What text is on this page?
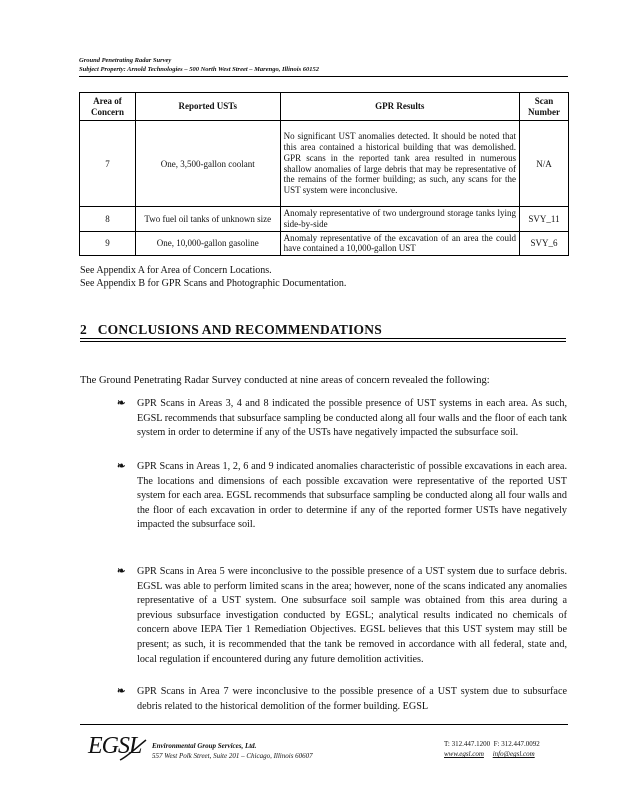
Ground Penetrating Radar Survey
Subject Property: Arnold Technologies – 500 North West Street – Marengo, Illinois 60152
Area of Concern	Reported USTs	GPR Results	Scan Number
7	One, 3,500-gallon coolant	No significant UST anomalies detected. It should be noted that this area contained a historical building that was demolished. GPR scans in the reported tank area resulted in numerous shallow anomalies of large debris that may be representative of the remains of the former building; as such, any scans for the UST system were inconclusive.	N/A
8	Two fuel oil tanks of unknown size	Anomaly representative of two underground storage tanks lying side-by-side	SVY_11
9	One, 10,000-gallon gasoline	Anomaly representative of the excavation of an area the could have contained a 10,000-gallon UST	SVY_6
See Appendix A for Area of Concern Locations.
See Appendix B for GPR Scans and Photographic Documentation.
2 CONCLUSIONS AND RECOMMENDATIONS
The Ground Penetrating Radar Survey conducted at nine areas of concern revealed the following:
❧ GPR Scans in Areas 3, 4 and 8 indicated the possible presence of UST systems in each area. As such, EGSL recommends that subsurface sampling be conducted along all four walls and the floor of each tank system in order to determine if any of the USTs have negatively impacted the subsurface soil.
❧ GPR Scans in Areas 1, 2, 6 and 9 indicated anomalies characteristic of possible excavations in each area. The locations and dimensions of each possible excavation were representative of the reported UST system for each area. EGSL recommends that subsurface sampling be conducted along all four walls and the floor of each excavation in order to determine if any of the reported former USTs have negatively impacted the subsurface soil.
❧ GPR Scans in Area 5 were inconclusive to the possible presence of a UST system due to surface debris. EGSL was able to perform limited scans in the area; however, none of the scans indicated any anomalies representative of a UST system. One subsurface soil sample was obtained from this area during a previous subsurface investigation conducted by EGSL; analytical results indicated no chemicals of concern above IEPA Tier 1 Remediation Objectives. EGSL believes that this UST system may still be present; as such, it is recommended that the tank be removed in accordance with all federal, state and, local regulation if encountered during any future demolition activities.
❧ GPR Scans in Area 7 were inconclusive to the possible presence of a UST system due to subsurface debris related to the historical demolition of the former building. EGSL
EGSL Environmental Group Services, Ltd.
557 West Polk Street, Suite 201 – Chicago, Illinois 60607
T: 312.447.1200 F: 312.447.0092
www.egsl.com info@egsl.com
